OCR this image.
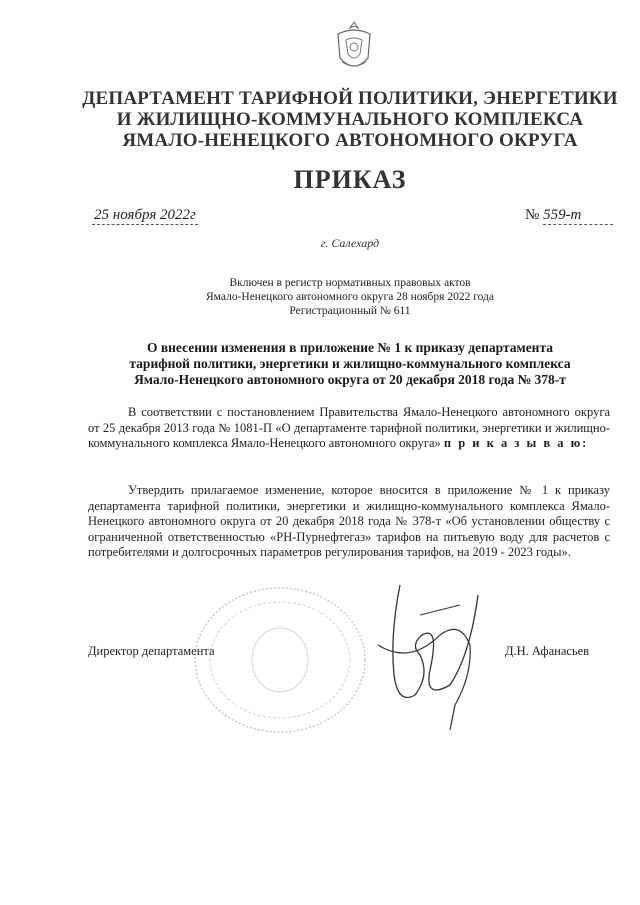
ДЕПАРТАМЕНТ ТАРИФНОЙ ПОЛИТИКИ, ЭНЕРГЕТИКИ
И ЖИЛИЩНО-КОММУНАЛЬНОГО КОМПЛЕКСА
ЯМАЛО-НЕНЕЦКОГО АВТОНОМНОГО ОКРУГА
ПРИКАЗ
25 ноября 2022г	№ 559-т
г. Салехард
Включен в регистр нормативных правовых актов
Ямало-Ненецкого автономного округа 28 ноября 2022 года
Регистрационный № 611
О внесении изменения в приложение № 1 к приказу департамента
тарифной политики, энергетики и жилищно-коммунального комплекса
Ямало-Ненецкого автономного округа от 20 декабря 2018 года № 378-т
В соответствии с постановлением Правительства Ямало-Ненецкого автономного округа от 25 декабря 2013 года № 1081-П «О департаменте тарифной политики, энергетики и жилищно-коммунального комплекса Ямало-Ненецкого автономного округа» п р и к а з ы в а ю:
Утвердить прилагаемое изменение, которое вносится в приложение № 1 к приказу департамента тарифной политики, энергетики и жилищно-коммунального комплекса Ямало-Ненецкого автономного округа от 20 декабря 2018 года № 378-т «Об установлении обществу с ограниченной ответственностью «РН-Пурнефтегаз» тарифов на питьевую воду для расчетов с потребителями и долгосрочных параметров регулирования тарифов, на 2019 - 2023 годы».
Директор департамента	Д.Н. Афанасьев
